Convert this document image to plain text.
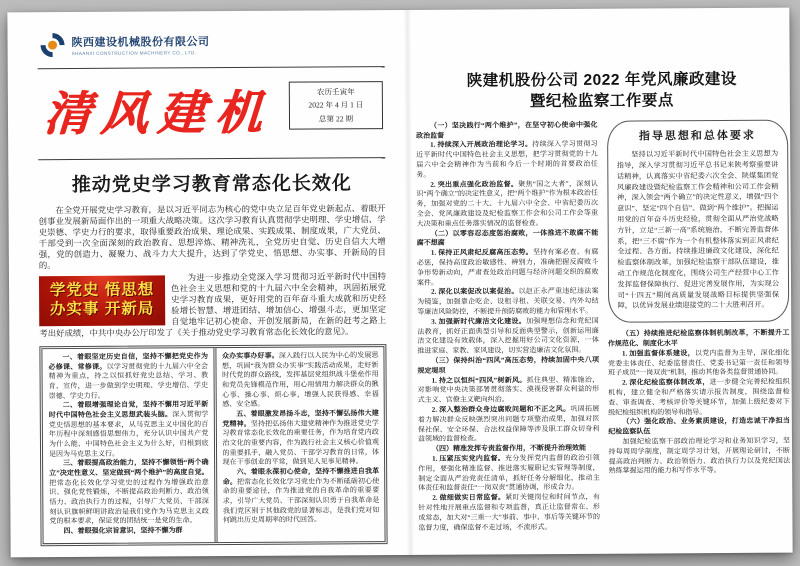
陕西建设机械股份有限公司
SHAANXI CONSTRUCTION MACHINERY CO., LTD.
清风建机	农历壬寅年
2022 年 4 月 1 日
总第 22 期
推动党史学习教育常态化长效化

在全党开展党史学习教育，是以习近平同志为核心的党中央立足百年党史新起点、着眼开创事业发展新局面作出的一项重大战略决策。这次学习教育认真贯彻学史明理、学史增信、学史崇德、学史力行的要求，取得重要政治成果、理论成果、实践成果、制度成果，广大党员、干部受到一次全面深刻的政治教育、思想淬炼、精神洗礼，全党历史自觉、历史自信大大增强，党的创造力、凝聚力、战斗力大大提升，达到了学党史、悟思想、办实事、开新局的目的。

学党史 悟思想
办实事 开新局

为进一步推动全党深入学习贯彻习近平新时代中国特色社会主义思想和党的十九届六中全会精神，巩固拓展党史学习教育成果，更好用党的百年奋斗重大成就和历史经验增长智慧、增进团结、增加信心、增强斗志，更加坚定自觉地牢记初心使命、开创发展新局，在新的赶考之路上考出好成绩，中共中央办公厅印发了《关于推动党史学习教育常态化长效化的意见》。

一、着眼坚定历史自信，坚持不懈把党史作为必修课、常修课。以学习贯彻党的十九届六中全会精神为重点，持之以恒抓好党史总结、学习、教育、宣传，进一步做到学史明理、学史增信、学史崇德、学史力行。

二、着眼增强理论自觉，坚持不懈用习近平新时代中国特色社会主义思想武装头脑。深入贯彻学党史悟思想的基本要求，从马克思主义中国化的百年历程中深刻感悟思想伟力，充分认识中国共产党为什么能、中国特色社会主义为什么好，归根到底是因为马克思主义行。

三、着眼提高政治能力，坚持不懈领悟“两个确立”决定性意义、坚定做到“两个维护”的高度自觉。把常态化长效化学习党史的过程作为增强政治意识、强化党性锻炼，不断提高政治判断力、政治领悟力、政治执行力的过程，引导广大党员、干部深刻认识旗帜鲜明讲政治是我们党作为马克思主义政党的根本要求，保证党的团结统一是党的生命。

四、着眼强化宗旨意识，坚持不懈为群

众办实事办好事。深入践行以人民为中心的发展思想，巩固“我为群众办实事”实践活动成果，走好新时代党的群众路线，发挥基层党组织战斗堡垒作用和党员先锋模范作用，用心用情用力解决群众的揪心事、操心事、烦心事，增强人民获得感、幸福感、安全感。

五、着眼激发昂扬斗志，坚持不懈弘扬伟大建党精神。坚持把弘扬伟大建党精神作为推进党史学习教育常态化长效化的重要任务，作为培育党内政治文化的重要内容，作为践行社会主义核心价值观的重要抓手，融入党员、干部学习教育的日常，体现在干事创业的平常，做到见人见事见精神。

六、着眼永葆初心使命，坚持不懈推进自我革命。把常态化长效化学习党史作为不断砥砺初心使命的重要途径，作为推进党的自我革命的重要要求，引导广大党员、干部深刻认识勇于自我革命是我们党区别于其他政党的显著标志，是我们党对如何跳出历史周期率的时代回答。

陕建机股份公司 2022 年党风廉政建设
暨纪检监察工作要点

（一）坚决践行“两个维护”，在坚守初心使命中强化政治监督

1. 持续深入开展政治理论学习。持续深入学习贯彻习近平新时代中国特色社会主义思想，把学习贯彻党的十九届六中全会精神作为当前和今后一个时期的首要政治任务。

2. 突出重点强化政治监督。聚焦“国之大者”，深刻认识“两个确立”的决定性意义，把“两个维护”作为根本政治任务，加强对党的二十大、十九届六中全会、中省纪委历次全会、党风廉政建设及纪检监察工作会和公司工作会等重大决策和重点任务落实情况的监督检查。

（二）以零容忍态度惩治腐败，一体推进不敢腐不能腐不想腐

1. 保持正风肃纪反腐高压态势。坚持有案必查、有腐必惩，保持高度政治敏感性、辨别力，准确把握反腐败斗争形势新动向，严肃查处政治问题与经济问题交织的腐败案件。

2. 深化以案促改以案促治。以赵正永严重违纪违法案为镜鉴，加强靠企吃企、设租寻租、关联交易、内外勾结等廉洁风险防控，不断提升预防腐败的能力和管理水平。

3. 加强新时代廉洁文化建设。加强理想信念和党纪国法教育，抓好正面典型引导和反面典型警示，创新运用廉洁文化建设有效载体，深入挖掘用好公司文化资源，一体推进家庭、家教、家风建设，切实营造廉洁文化氛围。

（三）保持纠治“四风”高压态势，持续加固中央八项规定堤坝

1. 持之以恒纠“四风”树新风。抓住典型、精准施治，对影响党中央决策部署贯彻落实、漠视侵害群众利益的形式主义、官僚主义靶向纠治。

2. 深入整治群众身边腐败问题和不正之风。巩固拓展着力解决群众反映强烈突出问题专项整治成果，加强对医保社保、安全环保、合法权益保障等涉及职工群众切身利益领域的监督检查。

（四）精准发挥专责监督作用，不断提升治理效能

1. 压紧压实党内监督。充分发挥党内监督的政治引领作用，要强化精准监督、推进落实履职记实管理等制度，制定全面从严治党责任清单，抓好任务分解细化，推动主体责任和监督责任“一岗双责”贯通协调，形成合力。

2. 做细做实日常监督。紧盯关键岗位和时间节点，有针对性地开展重点监督和专项监督，真正让监督常在、形成常态，加大对“三重一大”事前、事中、事后等关键环节的监督力度，确保监督不走过场，不流形式。

指导思想和总体要求
坚持以习近平新时代中国特色社会主义思想为指导，深入学习贯彻习近平总书记来陕考察重要讲话精神，认真落实中省纪委六次全会、陕煤集团党风廉政建设暨纪检监察工作会精神和公司工作会精神，深入领会“两个确立”的决定性意义，增强“四个意识”、坚定“四个自信”、做到“两个维护”。把握运用党的百年奋斗历史经验，贯彻全面从严治党战略方针，立足“三新一高”系统施治，不断完善监督体系，把“三不腐”作为一个有机整体落实到正风肃纪全过程、各方面。持续推进廉政文化建设，深化纪检监察体制改革，加强纪检监察干部队伍建设，推动工作规范化制度化，围绕公司生产经营中心工作发挥监督保障执行、促进完善发展作用，为实现公司“十四五”期间高质量发展战略目标提供坚强保障，以优异发展业绩迎接党的二十大胜利召开。

（五）持续推进纪检监察体制机制改革，不断提升工作规范化、制度化水平

1. 加强监督体系建设，以党内监督为主导，深化细化党委主体责任、纪委监督责任、党委书记第一责任和领导班子成员“一岗双责”机制，推动其他各类监督贯通协同。

2. 深化纪检监察体制改革，进一步健全完善纪检组织机构，建立健全和严格落实请示报告制度，围绕监督检查、审查调查、考核评价等关键环节，加强上级纪委对下级纪检组织机构的领导和指导。

（六）强化政治、业务素质建设，打造忠诚干净担当纪检监察队伍

加强纪检监察干部政治理论学习和业务知识学习，坚持每周周学制度，制定周学习计划，开展理论研讨，不断提高政治判断力、政治领悟力、政治执行力以及党纪国法熟练掌握运用的能力和写作水平等。
